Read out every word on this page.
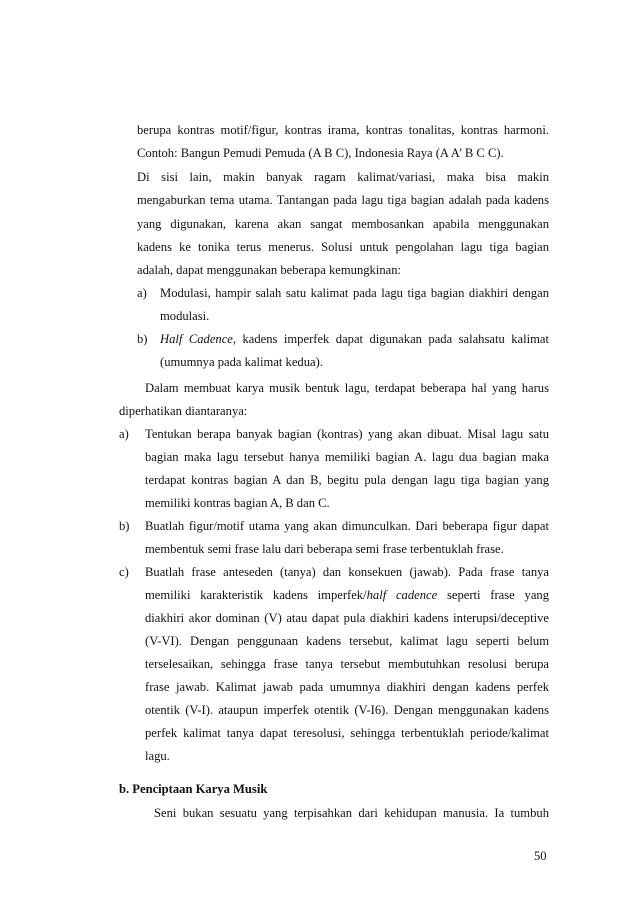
berupa kontras motif/figur, kontras irama, kontras tonalitas, kontras harmoni.
Contoh: Bangun Pemudi Pemuda (A B C), Indonesia Raya (A A’ B C C).
Di sisi lain, makin banyak ragam kalimat/variasi, maka bisa makin
mengaburkan tema utama. Tantangan pada lagu tiga bagian adalah pada kadens
yang digunakan, karena akan sangat membosankan apabila menggunakan
kadens ke tonika terus menerus. Solusi untuk pengolahan lagu tiga bagian
adalah, dapat menggunakan beberapa kemungkinan:
a) Modulasi, hampir salah satu kalimat pada lagu tiga bagian diakhiri dengan
modulasi.
b) Half Cadence, kadens imperfek dapat digunakan pada salahsatu kalimat
(umumnya pada kalimat kedua).
Dalam membuat karya musik bentuk lagu, terdapat beberapa hal yang harus
diperhatikan diantaranya:
a) Tentukan berapa banyak bagian (kontras) yang akan dibuat. Misal lagu satu
bagian maka lagu tersebut hanya memiliki bagian A. lagu dua bagian maka
terdapat kontras bagian A dan B, begitu pula dengan lagu tiga bagian yang
memiliki kontras bagian A, B dan C.
b) Buatlah figur/motif utama yang akan dimunculkan. Dari beberapa figur dapat
membentuk semi frase lalu dari beberapa semi frase terbentuklah frase.
c) Buatlah frase anteseden (tanya) dan konsekuen (jawab). Pada frase tanya
memiliki karakteristik kadens imperfek/half cadence seperti frase yang
diakhiri akor dominan (V) atau dapat pula diakhiri kadens interupsi/deceptive
(V-VI). Dengan penggunaan kadens tersebut, kalimat lagu seperti belum
terselesaikan, sehingga frase tanya tersebut membutuhkan resolusi berupa
frase jawab. Kalimat jawab pada umumnya diakhiri dengan kadens perfek
otentik (V-I). ataupun imperfek otentik (V-I6). Dengan menggunakan kadens
perfek kalimat tanya dapat teresolusi, sehingga terbentuklah periode/kalimat
lagu.
b. Penciptaan Karya Musik
Seni bukan sesuatu yang terpisahkan dari kehidupan manusia. Ia tumbuh
50
